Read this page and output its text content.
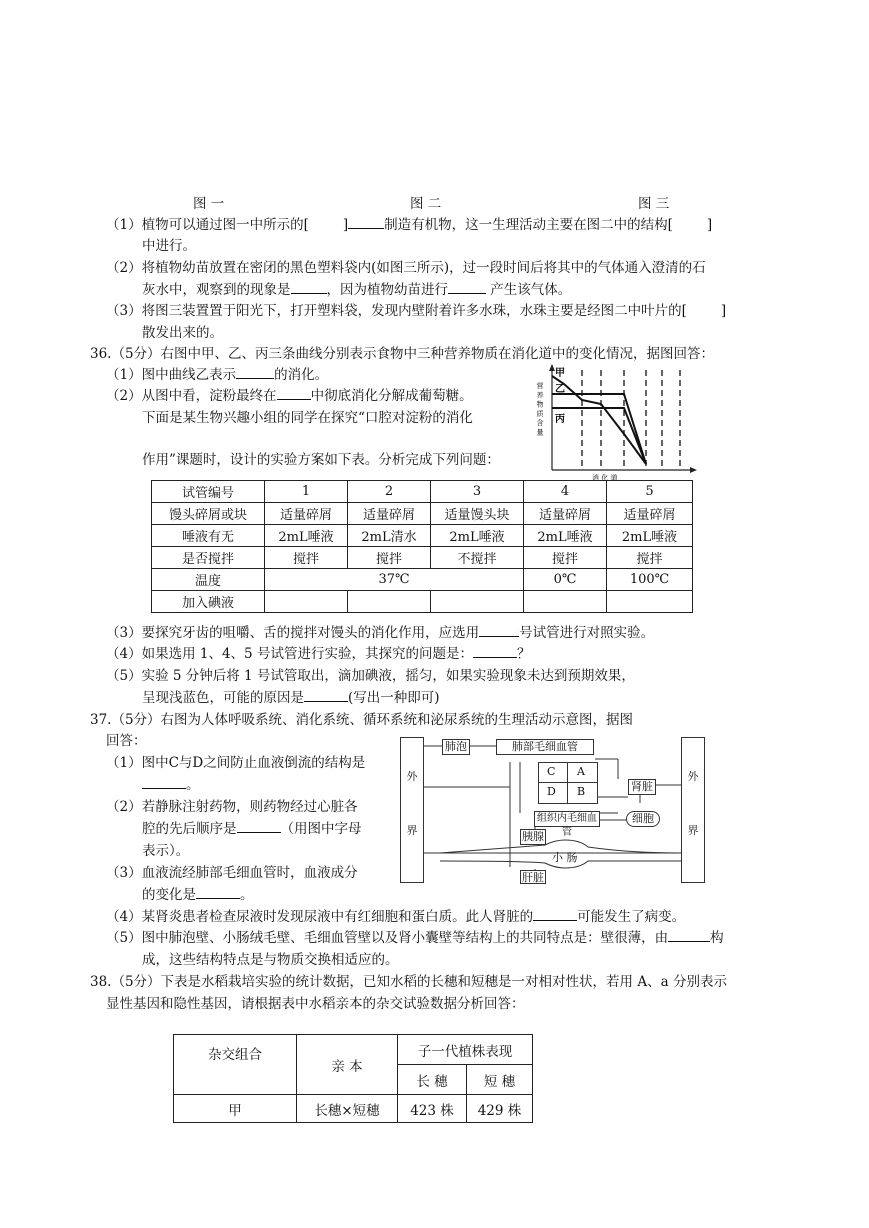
图 一	图 二	图 三
（1）植物可以通过图一中所示的[	]	制造有机物，这一生理活动主要在图二中的结构[	]
中进行。
（2）将植物幼苗放置在密闭的黑色塑料袋内(如图三所示)，过一段时间后将其中的气体通入澄清的石
灰水中，观察到的现象是	，因为植物幼苗进行	产生该气体。
（3）将图三装置置于阳光下，打开塑料袋，发现内壁附着许多水珠，水珠主要是经图二中叶片的[	]
散发出来的。
36.（5分）右图中甲、乙、丙三条曲线分别表示食物中三种营养物质在消化道中的变化情况，据图回答：
（1）图中曲线乙表示	的消化。
（2）从图中看，淀粉最终在	中彻底消化分解成葡萄糖。
下面是某生物兴趣小组的同学在探究“口腔对淀粉的消化
作用”课题时，设计的实验方案如下表。分析完成下列问题：
甲
乙
丙
营 养 物 质 含 量
消 化 道
试管编号	1	2	3	4	5
馒头碎屑或块	适量碎屑	适量碎屑	适量馒头块	适量碎屑	适量碎屑
唾液有无	2mL唾液	2mL清水	2mL唾液	2mL唾液	2mL唾液
是否搅拌	搅拌	搅拌	不搅拌	搅拌	搅拌
温度	37℃			0℃	100℃
加入碘液					
（3）要探究牙齿的咀嚼、舌的搅拌对馒头的消化作用，应选用	号试管进行对照实验。
（4）如果选用 1、4、5 号试管进行实验，其探究的问题是：	？
（5）实验 5 分钟后将 1 号试管取出，滴加碘液，摇匀，如果实验现象未达到预期效果，
呈现浅蓝色，可能的原因是	(写出一种即可)
37.（5分）右图为人体呼吸系统、消化系统、循环系统和泌尿系统的生理活动示意图，据图
回答：
（1）图中C与D之间防止血液倒流的结构是
。
（2）若静脉注射药物，则药物经过心脏各
腔的先后顺序是	（用图中字母
表示）。
（3）血液流经肺部毛细血管时，血液成分
的变化是	。
（4）某肾炎患者检查尿液时发现尿液中有红细胞和蛋白质。此人肾脏的	可能发生了病变。
（5）图中肺泡壁、小肠绒毛壁、毛细血管壁以及肾小囊壁等结构上的共同特点是：壁很薄，由	构
成，这些结构特点是与物质交换相适应的。
外
界
外
界
肺泡	肺部毛细血管
C
D
A
B	肾脏
组织内毛细血管
细胞
胰腺
小 肠
肝脏
38.（5分）下表是水稻栽培实验的统计数据，已知水稻的长穗和短穗是一对相对性状，若用 A、a 分别表示
显性基因和隐性基因，请根据表中水稻亲本的杂交试验数据分析回答：
杂交组合	亲 本	子一代植株表现	
		长 穗	短 穗
甲	长穗×短穗	423 株	429 株
